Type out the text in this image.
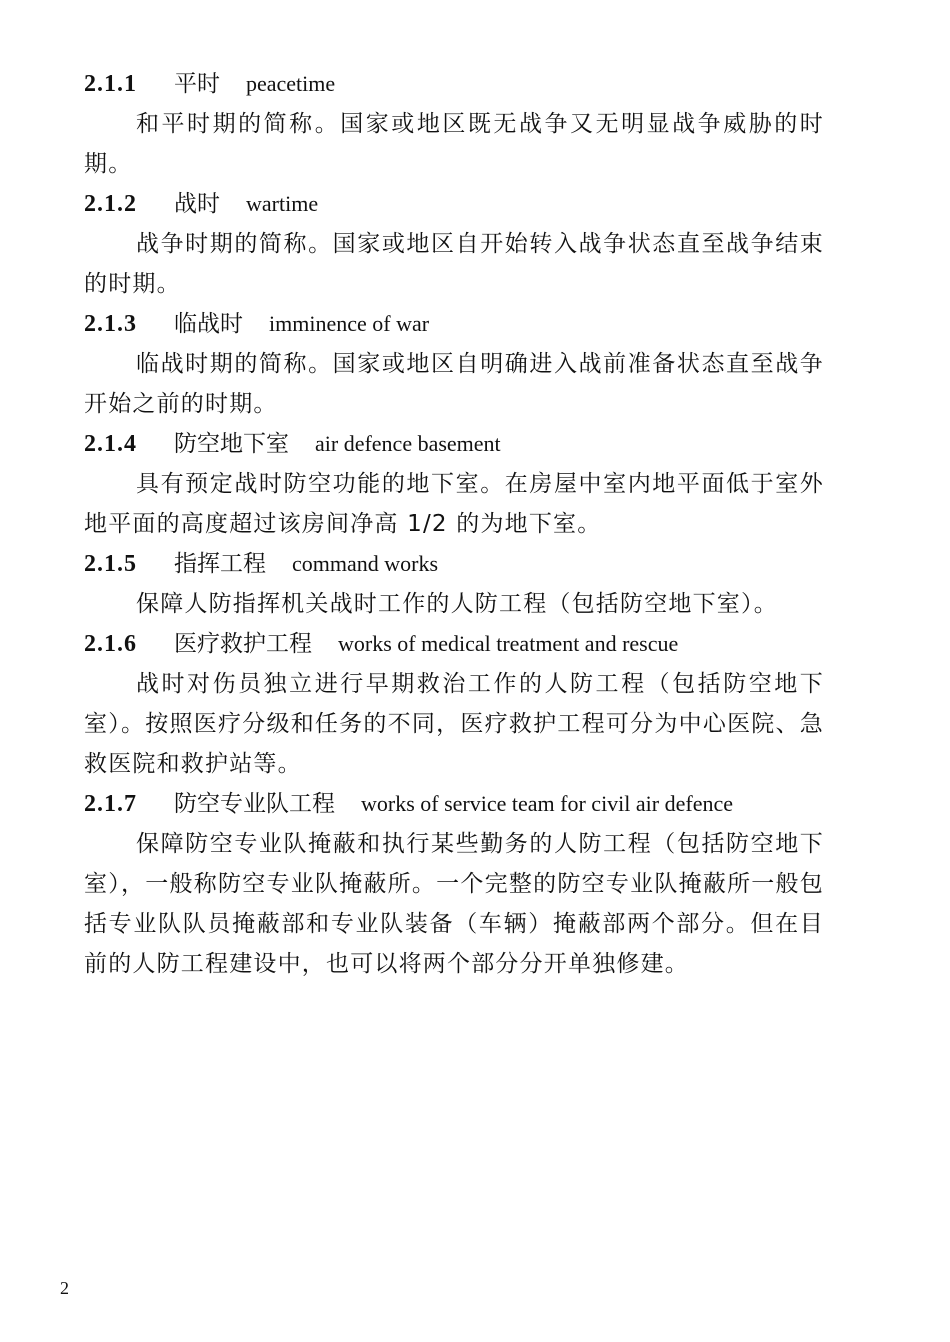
2.1.1	平时 peacetime

和平时期的简称。国家或地区既无战争又无明显战争威胁的时期。

2.1.2	战时 wartime

战争时期的简称。国家或地区自开始转入战争状态直至战争结束的时期。

2.1.3	临战时 imminence of war

临战时期的简称。国家或地区自明确进入战前准备状态直至战争开始之前的时期。

2.1.4	防空地下室 air defence basement

具有预定战时防空功能的地下室。在房屋中室内地平面低于室外地平面的高度超过该房间净高 1/2 的为地下室。

2.1.5	指挥工程 command works

保障人防指挥机关战时工作的人防工程（包括防空地下室）。

2.1.6	医疗救护工程 works of medical treatment and rescue

战时对伤员独立进行早期救治工作的人防工程（包括防空地下室）。按照医疗分级和任务的不同，医疗救护工程可分为中心医院、急救医院和救护站等。

2.1.7	防空专业队工程 works of service team for civil air defence

保障防空专业队掩蔽和执行某些勤务的人防工程（包括防空地下室），一般称防空专业队掩蔽所。一个完整的防空专业队掩蔽所一般包括专业队队员掩蔽部和专业队装备（车辆）掩蔽部两个部分。但在目前的人防工程建设中，也可以将两个部分分开单独修建。

2
